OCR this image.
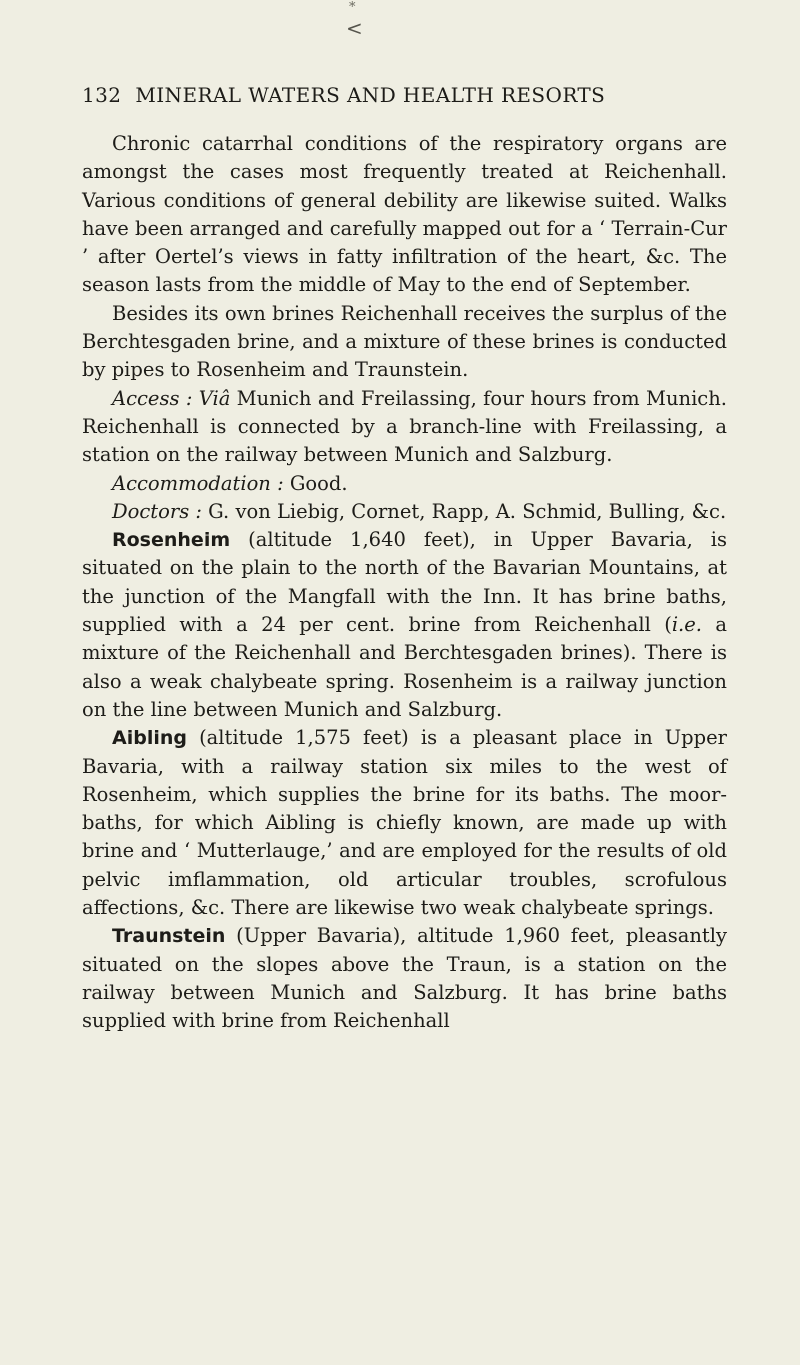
*
<
132 MINERAL WATERS AND HEALTH RESORTS

Chronic catarrhal conditions of the respiratory organs are amongst the cases most frequently treated at Reichenhall. Various conditions of general debility are likewise suited. Walks have been arranged and carefully mapped out for a ‘ Terrain-Cur ’ after Oertel’s views in fatty infiltration of the heart, &c. The season lasts from the middle of May to the end of September.

Besides its own brines Reichenhall receives the surplus of the Berchtesgaden brine, and a mixture of these brines is conducted by pipes to Rosenheim and Traunstein.

Access : Viâ Munich and Freilassing, four hours from Munich. Reichenhall is connected by a branch-line with Freilassing, a station on the railway between Munich and Salzburg.

Accommodation : Good.

Doctors : G. von Liebig, Cornet, Rapp, A. Schmid, Bulling, &c.

Rosenheim (altitude 1,640 feet), in Upper Bavaria, is situated on the plain to the north of the Bavarian Mountains, at the junction of the Mangfall with the Inn. It has brine baths, supplied with a 24 per cent. brine from Reichenhall (i.e. a mixture of the Reichenhall and Berchtesgaden brines). There is also a weak chalybeate spring. Rosenheim is a railway junction on the line between Munich and Salzburg.

Aibling (altitude 1,575 feet) is a pleasant place in Upper Bavaria, with a railway station six miles to the west of Rosenheim, which supplies the brine for its baths. The moor-baths, for which Aibling is chiefly known, are made up with brine and ‘ Mutterlauge,’ and are employed for the results of old pelvic imflammation, old articular troubles, scrofulous affections, &c. There are likewise two weak chalybeate springs.

Traunstein (Upper Bavaria), altitude 1,960 feet, pleasantly situated on the slopes above the Traun, is a station on the railway between Munich and Salzburg. It has brine baths supplied with brine from Reichenhall
